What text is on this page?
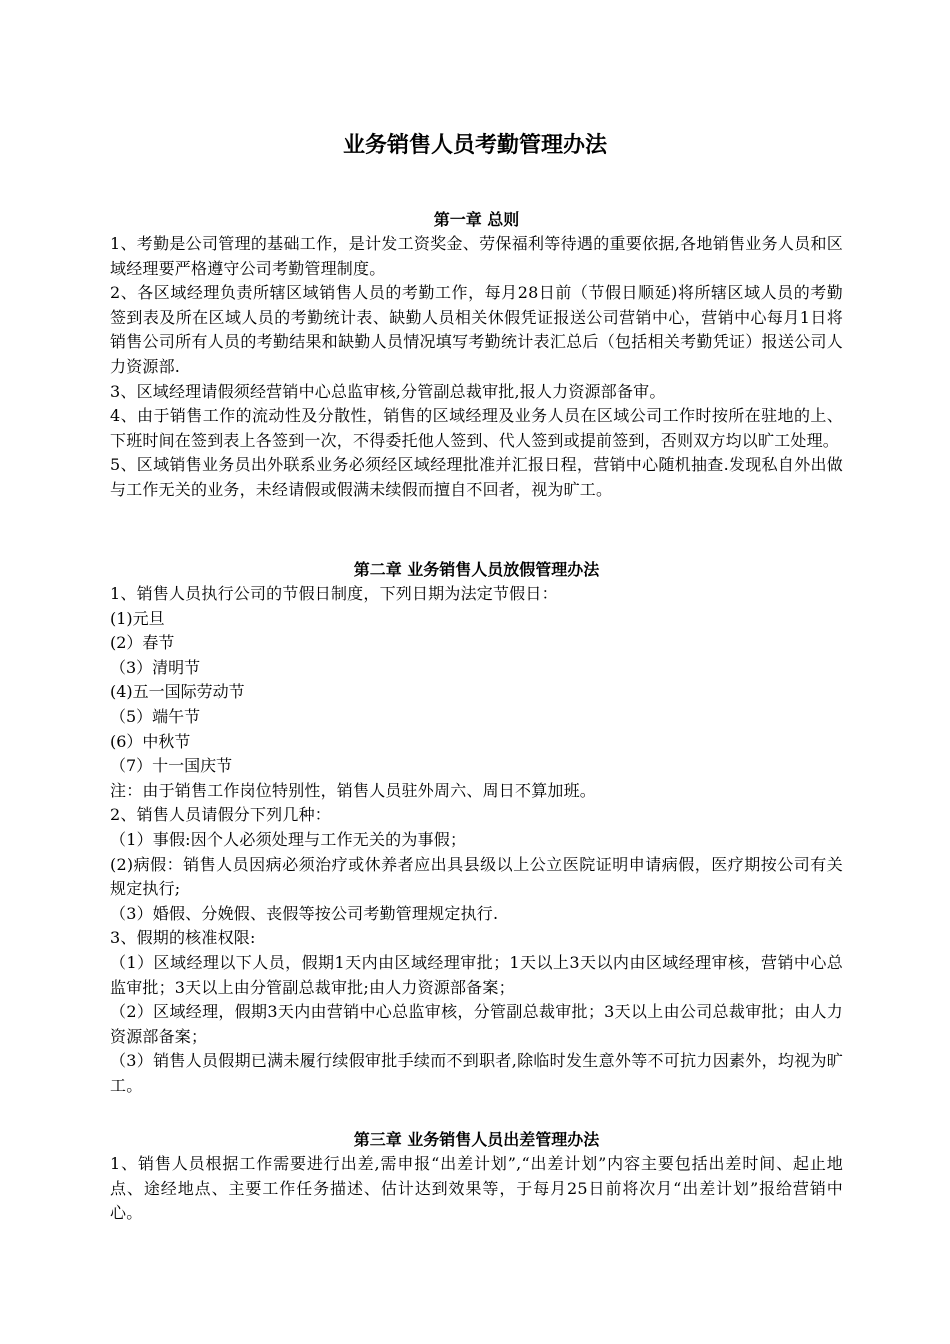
业务销售人员考勤管理办法
第一章 总则

1、考勤是公司管理的基础工作，是计发工资奖金、劳保福利等待遇的重要依据,各地销售业务人员和区域经理要严格遵守公司考勤管理制度。

2、各区域经理负责所辖区域销售人员的考勤工作，每月28日前（节假日顺延)将所辖区域人员的考勤签到表及所在区域人员的考勤统计表、缺勤人员相关休假凭证报送公司营销中心，营销中心每月1日将销售公司所有人员的考勤结果和缺勤人员情况填写考勤统计表汇总后（包括相关考勤凭证）报送公司人力资源部.

3、区域经理请假须经营销中心总监审核,分管副总裁审批,报人力资源部备审。

4、由于销售工作的流动性及分散性，销售的区域经理及业务人员在区域公司工作时按所在驻地的上、下班时间在签到表上各签到一次，不得委托他人签到、代人签到或提前签到，否则双方均以旷工处理。

5、区域销售业务员出外联系业务必须经区域经理批准并汇报日程，营销中心随机抽查.发现私自外出做与工作无关的业务，未经请假或假满未续假而擅自不回者，视为旷工。

第二章 业务销售人员放假管理办法

1、销售人员执行公司的节假日制度，下列日期为法定节假日：

(1)元旦

(2）春节

（3）清明节

(4)五一国际劳动节

（5）端午节

(6）中秋节

（7）十一国庆节

注：由于销售工作岗位特别性，销售人员驻外周六、周日不算加班。

2、销售人员请假分下列几种：

（1）事假:因个人必须处理与工作无关的为事假；

(2)病假：销售人员因病必须治疗或休养者应出具县级以上公立医院证明申请病假，医疗期按公司有关规定执行;

（3）婚假、分娩假、丧假等按公司考勤管理规定执行.

3、假期的核准权限:

（1）区域经理以下人员，假期1天内由区域经理审批；1天以上3天以内由区域经理审核，营销中心总监审批；3天以上由分管副总裁审批;由人力资源部备案；

（2）区域经理，假期3天内由营销中心总监审核，分管副总裁审批；3天以上由公司总裁审批；由人力资源部备案；

（3）销售人员假期已满未履行续假审批手续而不到职者,除临时发生意外等不可抗力因素外，均视为旷工。

第三章 业务销售人员出差管理办法

1、销售人员根据工作需要进行出差,需申报“出差计划”,“出差计划”内容主要包括出差时间、起止地点、途经地点、主要工作任务描述、估计达到效果等，于每月25日前将次月“出差计划”报给营销中心。
